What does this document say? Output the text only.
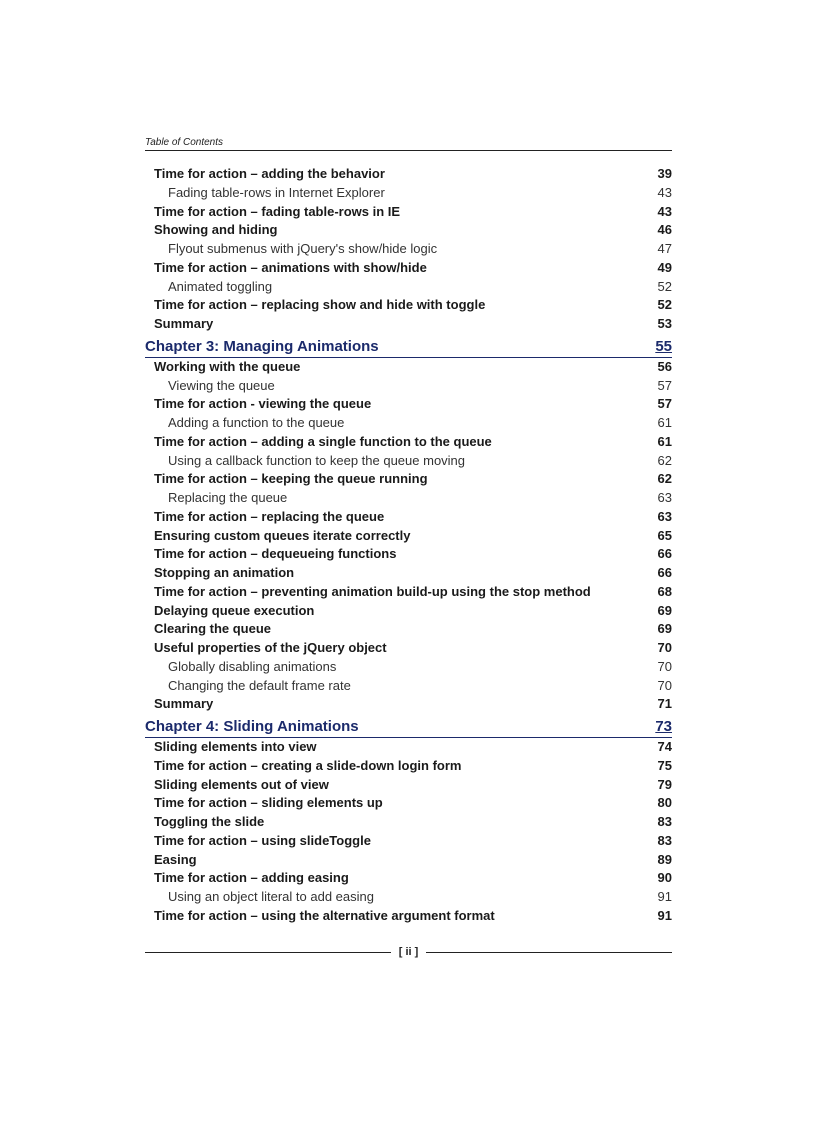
Table of Contents
Time for action – adding the behavior	39
Fading table-rows in Internet Explorer	43
Time for action – fading table-rows in IE	43
Showing and hiding	46
Flyout submenus with jQuery's show/hide logic	47
Time for action – animations with show/hide	49
Animated toggling	52
Time for action – replacing show and hide with toggle	52
Summary	53
Chapter 3: Managing Animations	55
Working with the queue	56
Viewing the queue	57
Time for action - viewing the queue	57
Adding a function to the queue	61
Time for action – adding a single function to the queue	61
Using a callback function to keep the queue moving	62
Time for action – keeping the queue running	62
Replacing the queue	63
Time for action – replacing the queue	63
Ensuring custom queues iterate correctly	65
Time for action – dequeueing functions	66
Stopping an animation	66
Time for action – preventing animation build-up using the stop method	68
Delaying queue execution	69
Clearing the queue	69
Useful properties of the jQuery object	70
Globally disabling animations	70
Changing the default frame rate	70
Summary	71
Chapter 4: Sliding Animations	73
Sliding elements into view	74
Time for action – creating a slide-down login form	75
Sliding elements out of view	79
Time for action – sliding elements up	80
Toggling the slide	83
Time for action – using slideToggle	83
Easing	89
Time for action – adding easing	90
Using an object literal to add easing	91
Time for action – using the alternative argument format	91
[ ii ]
